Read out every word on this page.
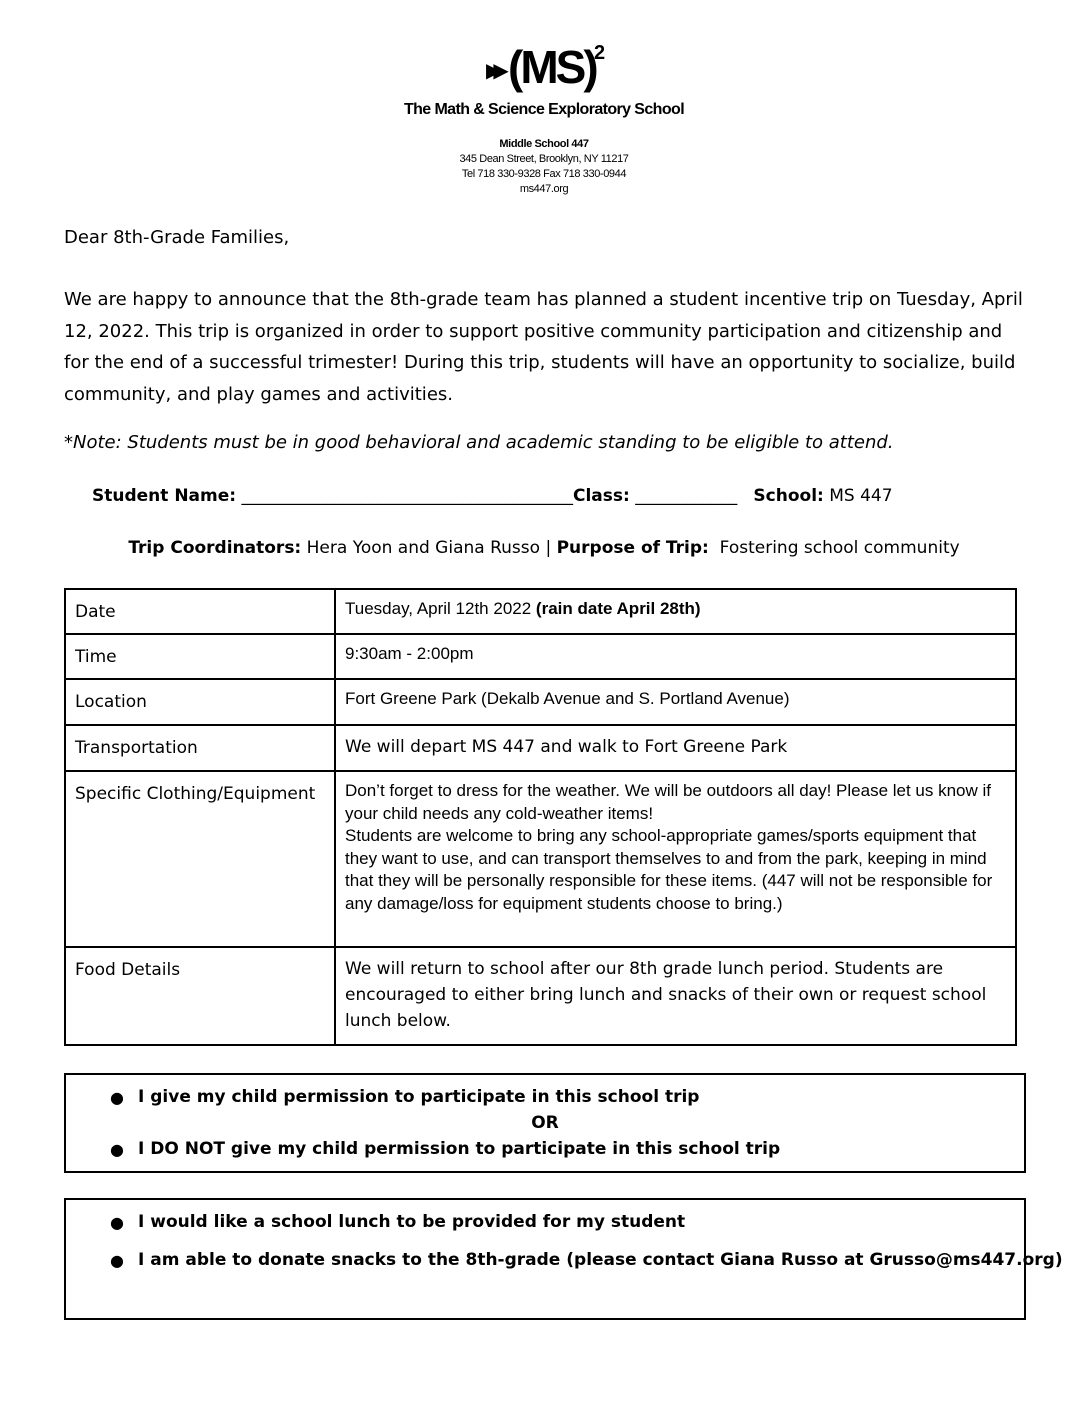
▶▶ (MS)
2
The Math & Science Exploratory School
Middle School 447
345 Dean Street, Brooklyn, NY 11217
Tel 718 330-9328 Fax 718 330-0944
ms447.org
Dear 8th-Grade Families,
We are happy to announce that the 8th-grade team has planned a student incentive trip on Tuesday, April 12, 2022. This trip is organized in order to support positive community participation and citizenship and for the end of a successful trimester! During this trip, students will have an opportunity to socialize, build community, and play games and activities.
*Note: Students must be in good behavioral and academic standing to be eligible to attend.
Student Name: _______________________________________Class: ____________ School: MS 447
Trip Coordinators: Hera Yoon and Giana Russo | Purpose of Trip: Fostering school community
Date	Tuesday, April 12th 2022 (rain date April 28th)
Time	9:30am - 2:00pm
Location	Fort Greene Park (Dekalb Avenue and S. Portland Avenue)
Transportation	We will depart MS 447 and walk to Fort Greene Park
Specific Clothing/Equipment	Don’t forget to dress for the weather. We will be outdoors all day! Please let us know if your child needs any cold-weather items!
Students are welcome to bring any school-appropriate games/sports equipment that they want to use, and can transport themselves to and from the park, keeping in mind that they will be personally responsible for these items. (447 will not be responsible for any damage/loss for equipment students choose to bring.)

Food Details	We will return to school after our 8th grade lunch period. Students are encouraged to either bring lunch and snacks of their own or request school lunch below.
● I give my child permission to participate in this school trip
OR
● I DO NOT give my child permission to participate in this school trip
● I would like a school lunch to be provided for my student
● I am able to donate snacks to the 8th-grade (please contact Giana Russo at Grusso@ms447.org)
